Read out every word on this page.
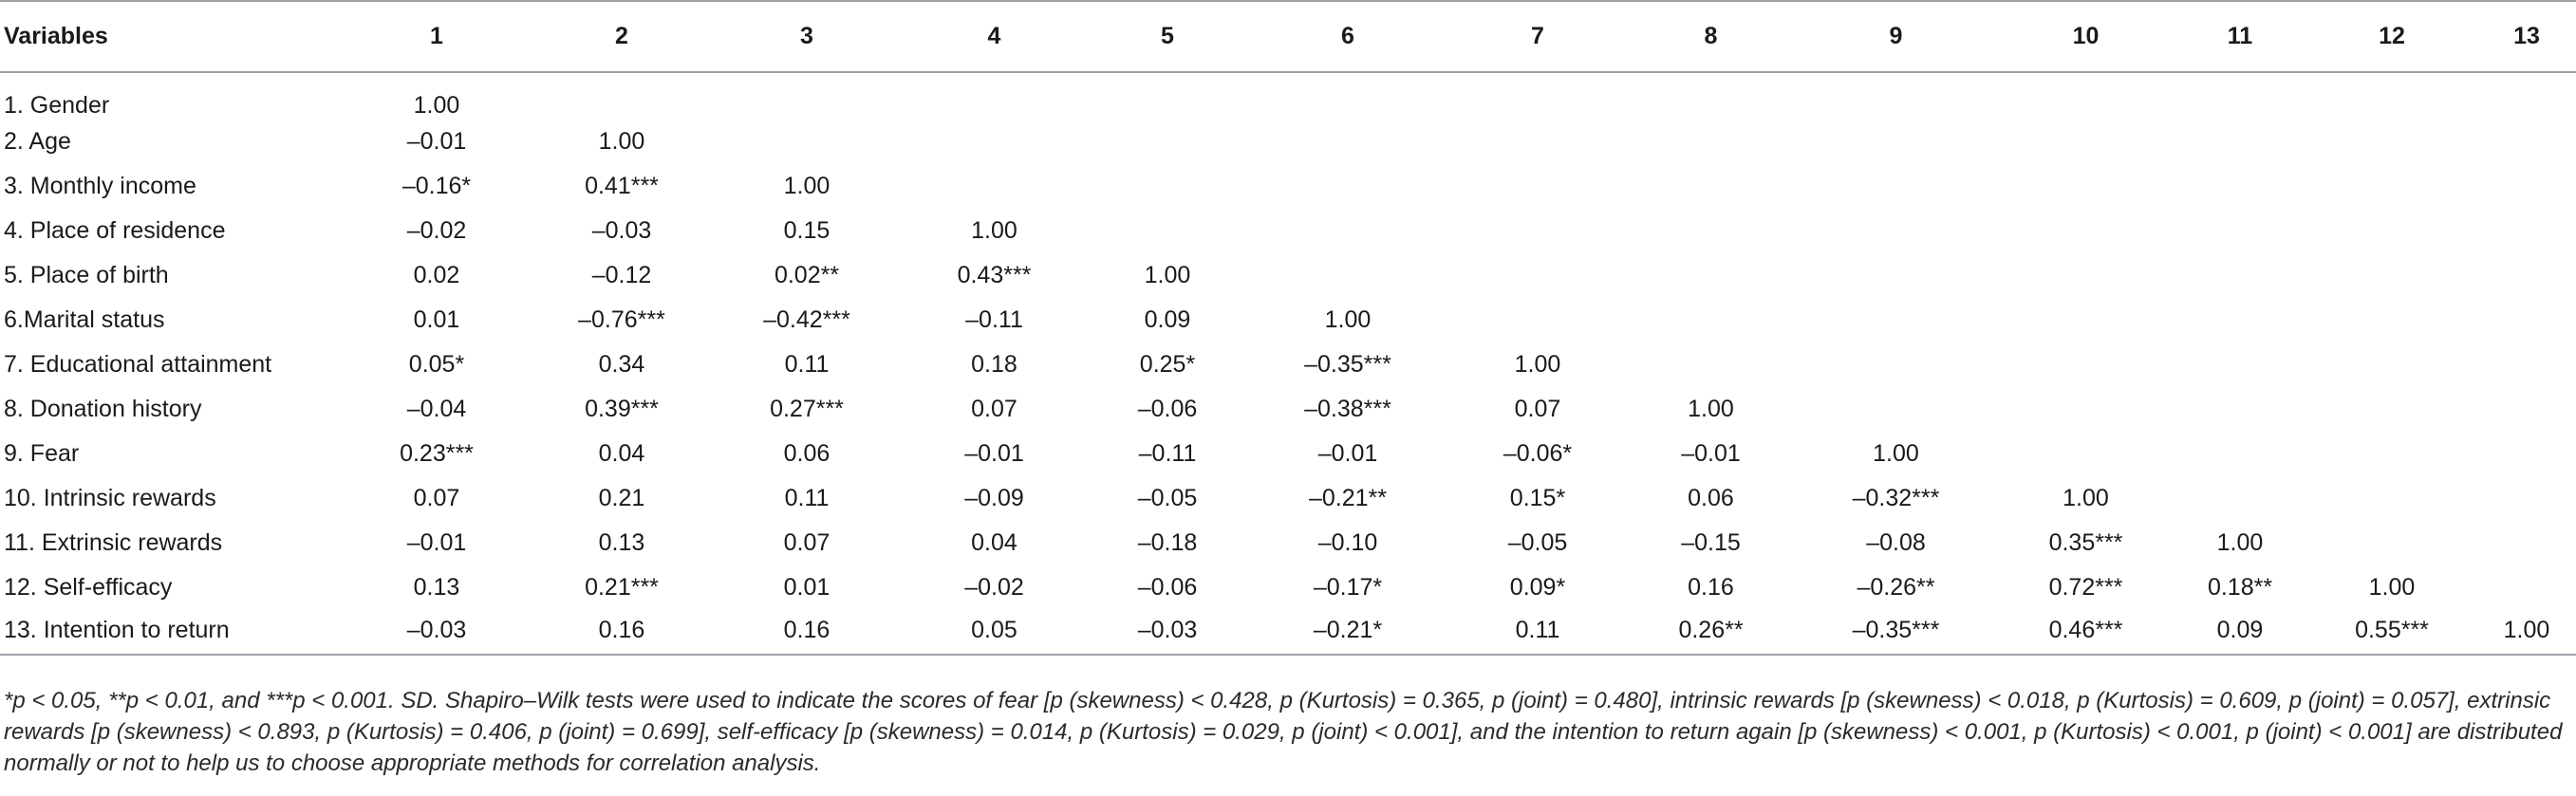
Variables	1	2	3	4	5	6	7	8	9	10	11	12	13
1. Gender	1.00												
2. Age	–0.01	1.00											
3. Monthly income	–0.16*	0.41***	1.00										
4. Place of residence	–0.02	–0.03	0.15	1.00									
5. Place of birth	0.02	–0.12	0.02**	0.43***	1.00								
6.Marital status	0.01	–0.76***	–0.42***	–0.11	0.09	1.00							
7. Educational attainment	0.05*	0.34	0.11	0.18	0.25*	–0.35***	1.00						
8. Donation history	–0.04	0.39***	0.27***	0.07	–0.06	–0.38***	0.07	1.00					
9. Fear	0.23***	0.04	0.06	–0.01	–0.11	–0.01	–0.06*	–0.01	1.00				
10. Intrinsic rewards	0.07	0.21	0.11	–0.09	–0.05	–0.21**	0.15*	0.06	–0.32***	1.00			
11. Extrinsic rewards	–0.01	0.13	0.07	0.04	–0.18	–0.10	–0.05	–0.15	–0.08	0.35***	1.00		
12. Self-efficacy	0.13	0.21***	0.01	–0.02	–0.06	–0.17*	0.09*	0.16	–0.26**	0.72***	0.18**	1.00	
13. Intention to return	–0.03	0.16	0.16	0.05	–0.03	–0.21*	0.11	0.26**	–0.35***	0.46***	0.09	0.55***	1.00
*p < 0.05, **p < 0.01, and ***p < 0.001. SD. Shapiro–Wilk tests were used to indicate the scores of fear [p (skewness) < 0.428, p (Kurtosis) = 0.365, p (joint) = 0.480], intrinsic rewards [p (skewness) < 0.018, p (Kurtosis) = 0.609, p (joint) = 0.057], extrinsic rewards [p (skewness) < 0.893, p (Kurtosis) = 0.406, p (joint) = 0.699], self-efficacy [p (skewness) = 0.014, p (Kurtosis) = 0.029, p (joint) < 0.001], and the intention to return again [p (skewness) < 0.001, p (Kurtosis) < 0.001, p (joint) < 0.001] are distributed normally or not to help us to choose appropriate methods for correlation analysis.
